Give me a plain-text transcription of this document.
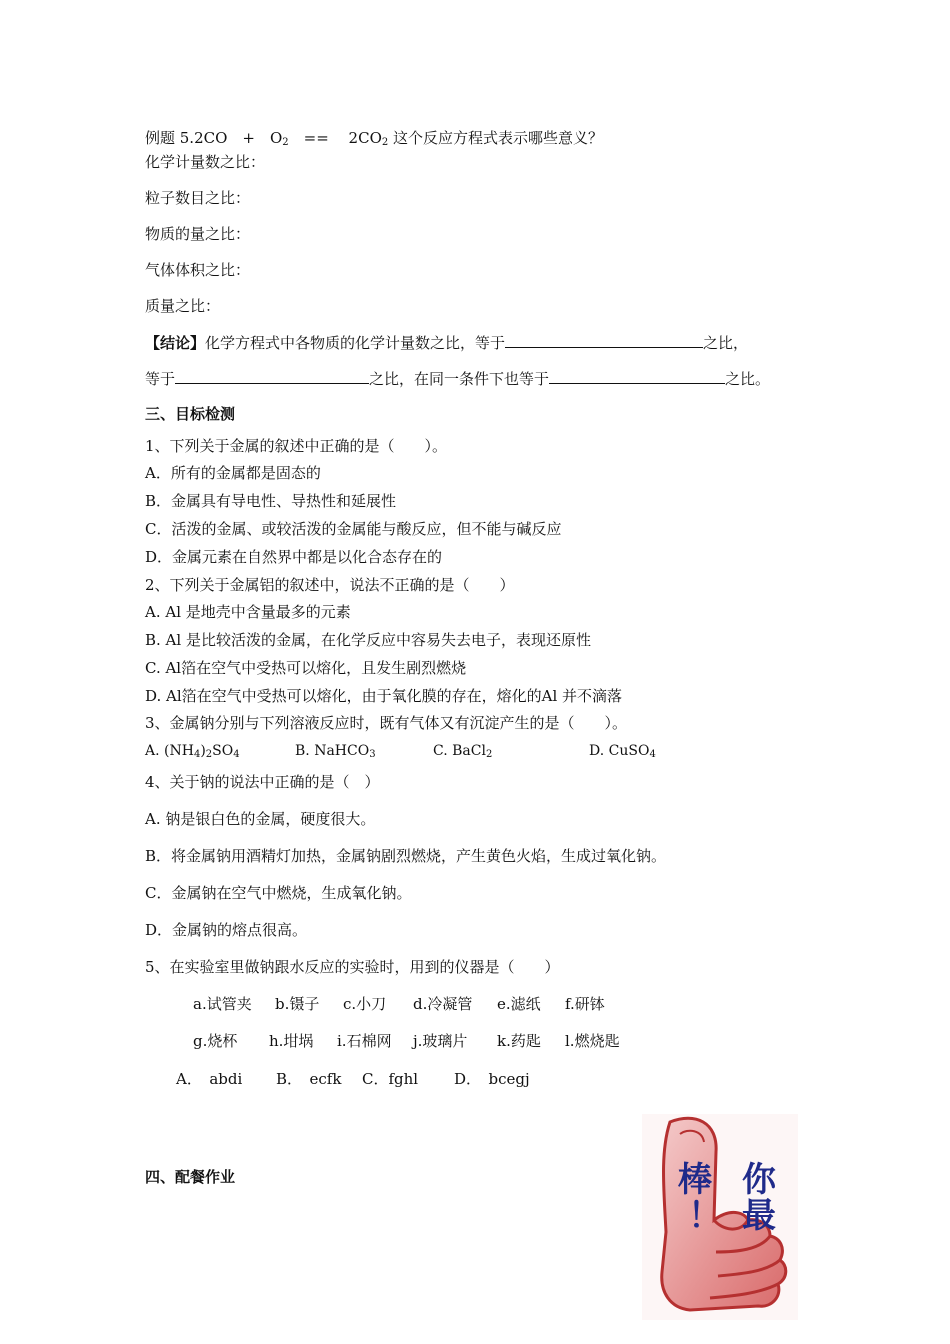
例题 5.2CO　+　$O_2$　==　 $2CO_2$ 这个反应方程式表示哪些意义？
化学计量数之比：
粒子数目之比：
物质的量之比：
气体体积之比：
质量之比：
【结论】化学方程式中各物质的化学计量数之比，等于	之比，
等于	之比，在同一条件下也等于	之比。
三、目标检测
1、下列关于金属的叙述中正确的是（　　）。
A．所有的金属都是固态的
B．金属具有导电性、导热性和延展性
C．活泼的金属、或较活泼的金属能与酸反应，但不能与碱反应
D．金属元素在自然界中都是以化合态存在的
2、下列关于金属铝的叙述中，说法不正确的是（　　）
A. Al 是地壳中含量最多的元素
B. Al 是比较活泼的金属，在化学反应中容易失去电子，表现还原性
C. Al箔在空气中受热可以熔化，且发生剧烈燃烧
D. Al箔在空气中受热可以熔化，由于氧化膜的存在，熔化的Al 并不滴落
3、金属钠分别与下列溶液反应时，既有气体又有沉淀产生的是（　　）。
A. $(NH_4)_2SO_4$	B. NaHCO$_3$	C. BaCl$_2$	D. CuSO$_4$
4、关于钠的说法中正确的是（　）
A. 钠是银白色的金属，硬度很大。
B．将金属钠用酒精灯加热，金属钠剧烈燃烧，产生黄色火焰，生成过氧化钠。
C．金属钠在空气中燃烧，生成氧化钠。
D．金属钠的熔点很高。
5、在实验室里做钠跟水反应的实验时，用到的仪器是（　　）
a.试管夹 b.镊子 c.小刀 d.冷凝管 e.滤纸 f.研钵
g.烧杯 h.坩埚 i.石棉网 j.玻璃片 k.药匙 l.燃烧匙
A．　abdi B．　ecfk C．fghl D．　bcegj
四、配餐作业	你
最
棒
！
